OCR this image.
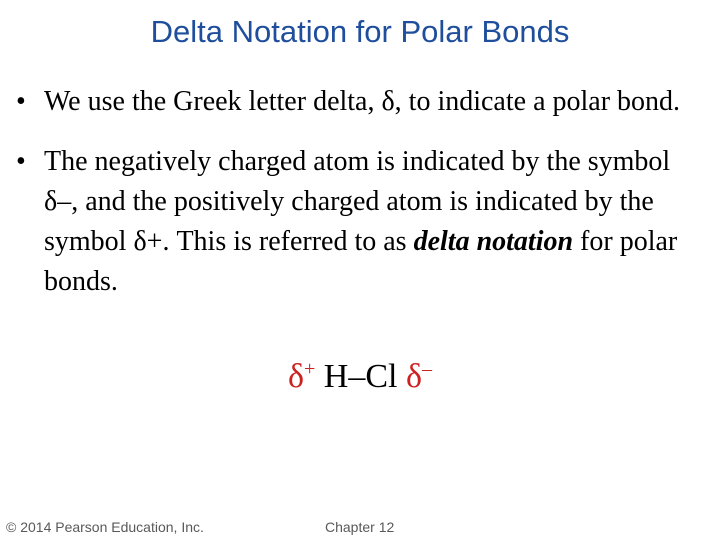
Delta Notation for Polar Bonds
• We use the Greek letter delta, δ, to indicate a polar bond.
• The negatively charged atom is indicated by the symbol δ–, and the positively charged atom is indicated by the symbol δ+. This is referred to as delta notation for polar bonds.
δ+ H–Cl δ–
© 2014 Pearson Education, Inc.	Chapter 12
